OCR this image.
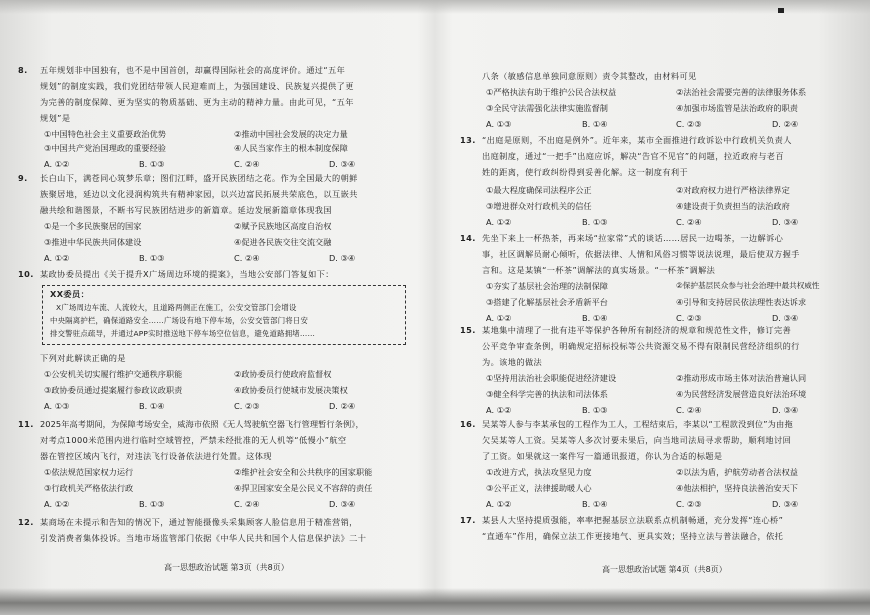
8. 五年规划非中国独有，也不是中国首创，却赢得国际社会的高度评价。通过“五年
规划”的制度实践，我们党团结带领人民迎难而上，为强国建设、民族复兴提供了更
为完善的制度保障、更为坚实的物质基础、更为主动的精神力量。由此可见，“五年
规划”是
①中国特色社会主义重要政治优势	②推动中国社会发展的决定力量
③中国共产党治国理政的重要经验	④人民当家作主的根本制度保障
A. ①②	B. ①③	C. ②④	D. ③④
9. 长白山下，满苍同心筑梦乐章；图们江畔，盛开民族团结之花。作为全国最大的朝鲜
族聚居地，延边以文化浸润构筑共有精神家园，以兴边富民拓展共荣底色，以互嵌共
融共绘和谐图景，不断书写民族团结进步的新篇章。延边发展新篇章体现我国
①是一个多民族聚居的国家	②赋予民族地区高度自治权
③推进中华民族共同体建设	④促进各民族交往交流交融
A. ①②	B. ①③	C. ②④	D. ③④
10. 某政协委员提出《关于提升X广场周边环境的提案》，当地公安部门答复如下：
XX委员：
X广场周边车流、人流较大，且道路两侧正在施工，公安交管部门会增设
中央隔离护栏，确保道路安全……广场设有地下停车场，公安交管部门将日安
排交警驻点疏导，并通过APP实时推送地下停车场空位信息，避免道路拥堵……
下列对此解读正确的是
①公安机关切实履行维护交通秩序职能	②政协委员行使政府监督权
③政协委员通过提案履行参政议政职责	④政协委员行使城市发展决策权
A. ①③	B. ①④	C. ②③	D. ②④
11. 2025年高考期间，为保障考场安全，威海市依照《无人驾驶航空器飞行管理暂行条例》，
对考点1000米范围内进行临时空域管控，严禁未经批准的无人机等“低慢小”航空
器在管控区域内飞行，对违法飞行设备依法进行处置。这体现
①依法规范国家权力运行	②维护社会安全和公共秩序的国家职能
③行政机关严格依法行政	④捍卫国家安全是公民义不容辞的责任
A. ①②	B. ①③	C. ②④	D. ③④
12. 某商场在未提示和告知的情况下，通过智能摄像头采集顾客人脸信息用于精准营销，
引发消费者集体投诉。当地市场监管部门依据《中华人民共和国个人信息保护法》二十
高一思想政治试题 第3页（共8页）
八条（敏感信息单独同意原则）责令其整改，由材料可见
①严格执法有助于维护公民合法权益	②法治社会需要完善的法律服务体系
③全民守法需强化法律实施监督制	④加强市场监管是法治政府的职责
A. ①③	B. ①④	C. ②③	D. ②④
13. “出庭是原则，不出庭是例外”。近年来，某市全面推进行政诉讼中行政机关负责人
出庭制度，通过“一把手”出庭应诉，解决“告官不见官”的问题，拉近政府与老百
姓的距离，使行政纠纷得到妥善化解。这一制度有利于
①最大程度确保司法程序公正	②对政府权力进行严格法律界定
③增进群众对行政机关的信任	④建设责于负责担当的法治政府
A. ①②	B. ①③	C. ②④	D. ③④
14. 先坐下来上一杯热茶，再来场“拉家常”式的谈话……居民一边喝茶，一边解诉心
事，社区调解员耐心倾听，依据法律、人情和风俗习惯等说法说理，最后使双方握手
言和。这是某镇“一杯茶”调解法的真实场景。“一杯茶”调解法
①夯实了基层社会治理的法制保障	②保护基层民众参与社会治理中最共权威性
③搭建了化解基层社会矛盾新平台	④引导和支持居民依法理性表达诉求
A. ①②	B. ①④	C. ②③	D. ③④
15. 某地集中清理了一批有违平等保护各种所有制经济的规章和规范性文件，修订完善
公平竞争审查条例，明确规定招标投标等公共资源交易不得有限制民营经济组织的行
为。该地的做法
①坚持用法治社会职能促进经济建设	②推动形成市场主体对法治普遍认同
③健全科学完善的执法和司法体系	④为民营经济发展营造良好法治环境
A. ①②	B. ①③	C. ②④	D. ③④
16. 吴某等人参与李某承包的工程作为工人，工程结束后，李某以“工程款没到位”为由拖
欠吴某等人工资。吴某等人多次讨要未果后，向当地司法局寻求帮助，顺利地讨回
了工资。如果就这一案件写一篇通讯报道，你认为合适的标题是
①改进方式，执法攻坚见力度	②以法为盾，护航劳动者合法权益
③公平正义，法律援助暖人心	④他法相护，坚持良法善治安天下
A. ①②	B. ①④	C. ②③	D. ③④
17. 某县人大坚持提质强能，率率把握基层立法联系点机制畅通，充分发挥“连心桥”
“直通车”作用，确保立法工作更接地气、更具实效；坚持立法与普法融合，依托
高一思想政治试题 第4页（共8页）
